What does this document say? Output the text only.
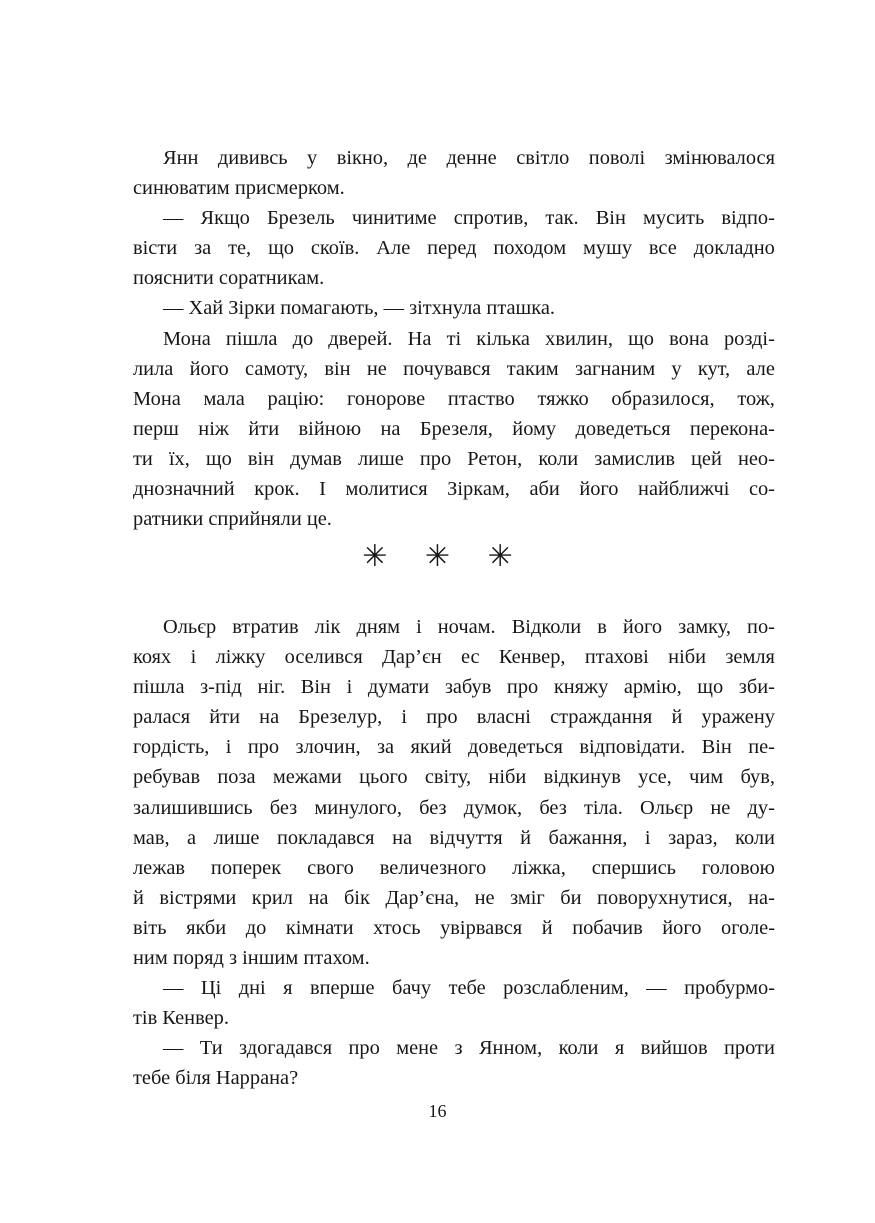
Янн дививсь у вікно, де денне світло поволі змінювалося
синюватим присмерком.

— Якщо Брезель чинитиме спротив, так. Він мусить відпо-
вісти за те, що скоїв. Але перед походом мушу все докладно
пояснити соратникам.

— Хай Зірки помагають, — зітхнула пташка.

Мона пішла до дверей. На ті кілька хвилин, що вона розді-
лила його самоту, він не почувався таким загнаним у кут, але
Мона мала рацію: гонорове птаство тяжко образилося, тож,
перш ніж йти війною на Брезеля, йому доведеться перекона-
ти їх, що він думав лише про Ретон, коли замислив цей нео-
днозначний крок. І молитися Зіркам, аби його найближчі со-
ратники сприйняли це.

✳ ✳ ✳

Ольєр втратив лік дням і ночам. Відколи в його замку, по-
коях і ліжку оселився Дар’єн ес Кенвер, птахові ніби земля
пішла з-під ніг. Він і думати забув про княжу армію, що зби-
ралася йти на Брезелур, і про власні страждання й уражену
гордість, і про злочин, за який доведеться відповідати. Він пе-
ребував поза межами цього світу, ніби відкинув усе, чим був,
залишившись без минулого, без думок, без тіла. Ольєр не ду-
мав, а лише покладався на відчуття й бажання, і зараз, коли
лежав поперек свого величезного ліжка, спершись головою
й вістрями крил на бік Дар’єна, не зміг би поворухнутися, на-
віть якби до кімнати хтось увірвався й побачив його оголе-
ним поряд з іншим птахом.

— Ці дні я вперше бачу тебе розслабленим, — пробурмо-
тів Кенвер.

— Ти здогадався про мене з Янном, коли я вийшов проти
тебе біля Наррана?

16
